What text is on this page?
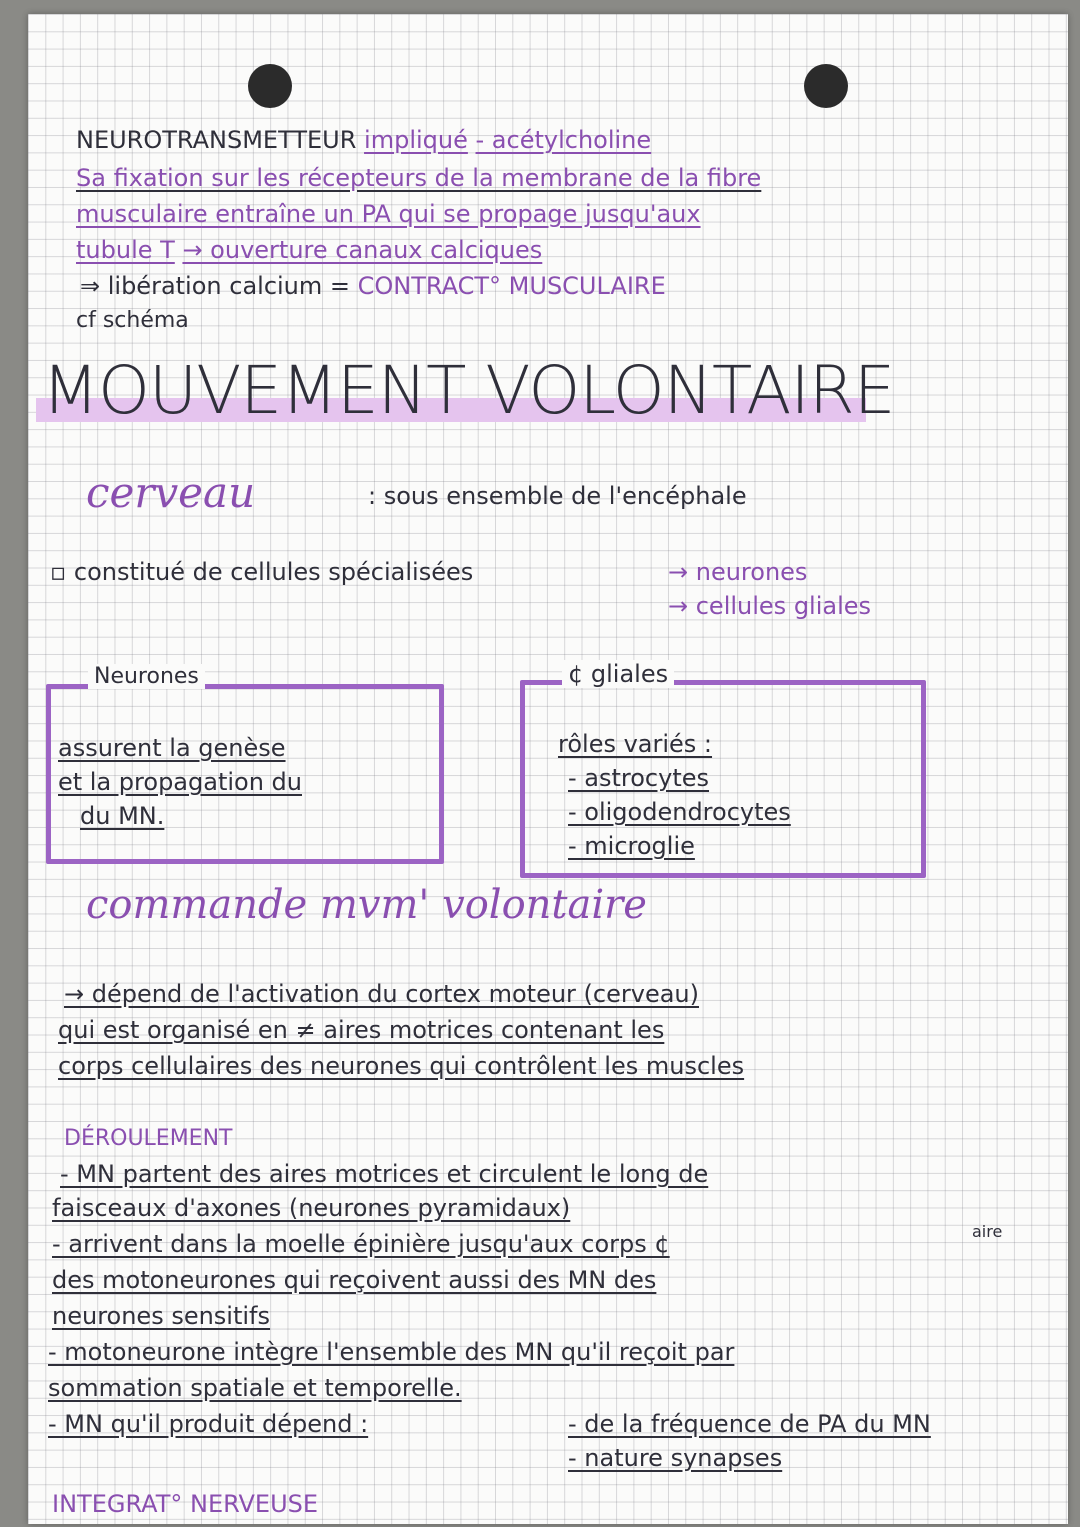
NEUROTRANSMETTEUR impliqué - acétylcholine
Sa fixation sur les récepteurs de la membrane de la fibre
musculaire entraîne un PA qui se propage jusqu'aux
tubule T → ouverture canaux calciques
⇒ libération calcium = CONTRACT° MUSCULAIRE
cf schéma
MOUVEMENT VOLONTAIRE
cerveau	: sous ensemble de l'encéphale
▫ constitué de cellules spécialisées	→ neurones
→ cellules gliales
Neurones
assurent la genèse
et la propagation du
du MN.
¢ gliales
rôles variés :
- astrocytes
- oligodendrocytes
- microglie
commande mvm' volontaire
→ dépend de l'activation du cortex moteur (cerveau)
qui est organisé en ≠ aires motrices contenant les
corps cellulaires des neurones qui contrôlent les muscles
DÉROULEMENT
- MN partent des aires motrices et circulent le long de
faisceaux d'axones (neurones pyramidaux)
- arrivent dans la moelle épinière jusqu'aux corps ¢	aire
des motoneurones qui reçoivent aussi des MN des
neurones sensitifs
- motoneurone intègre l'ensemble des MN qu'il reçoit par
sommation spatiale et temporelle.
- MN qu'il produit dépend :	- de la fréquence de PA du MN
- nature synapses
INTEGRAT° NERVEUSE
